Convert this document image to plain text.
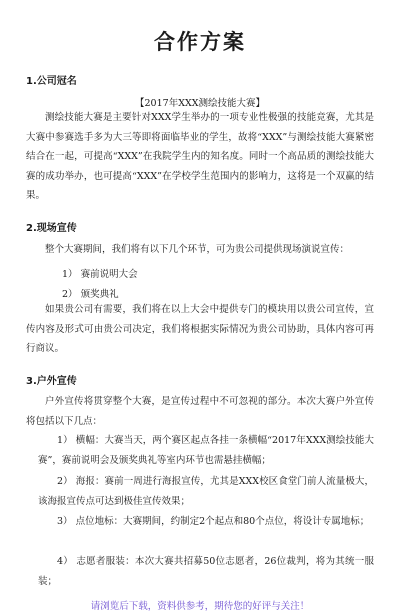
合作方案
1.公司冠名
【2017年XXX测绘技能大赛】

测绘技能大赛是主要针对XXX学生举办的一项专业性极强的技能竞赛，尤其是大赛中参赛选手多为大三等即将面临毕业的学生，故将“XXX”与测绘技能大赛紧密结合在一起，可提高“XXX”在我院学生内的知名度。同时一个高品质的测绘技能大赛的成功举办，也可提高“XXX”在学校学生范围内的影响力，这将是一个双赢的结果。

2.现场宣传

整个大赛期间，我们将有以下几个环节，可为贵公司提供现场演说宣传：

1） 赛前说明大会
2） 颁奖典礼

如果贵公司有需要，我们将在以上大会中提供专门的模块用以贵公司宣传，宣传内容及形式可由贵公司决定，我们将根据实际情况为贵公司协助，具体内容可再行商议。

3.户外宣传

户外宣传将贯穿整个大赛，是宣传过程中不可忽视的部分。本次大赛户外宣传将包括以下几点：

1） 横幅：大赛当天，两个赛区起点各挂一条横幅“2017年XXX测绘技能大赛”，赛前说明会及颁奖典礼等室内环节也需悬挂横幅；

2） 海报：赛前一周进行海报宣传，尤其是XXX校区食堂门前人流量极大，该海报宣传点可达到极佳宣传效果；

3） 点位地标：大赛期间，约制定2个起点和80个点位，将设计专属地标；

4） 志愿者服装：本次大赛共招募50位志愿者，26位裁判，将为其统一服装；

请浏览后下载，资料供参考，期待您的好评与关注！
